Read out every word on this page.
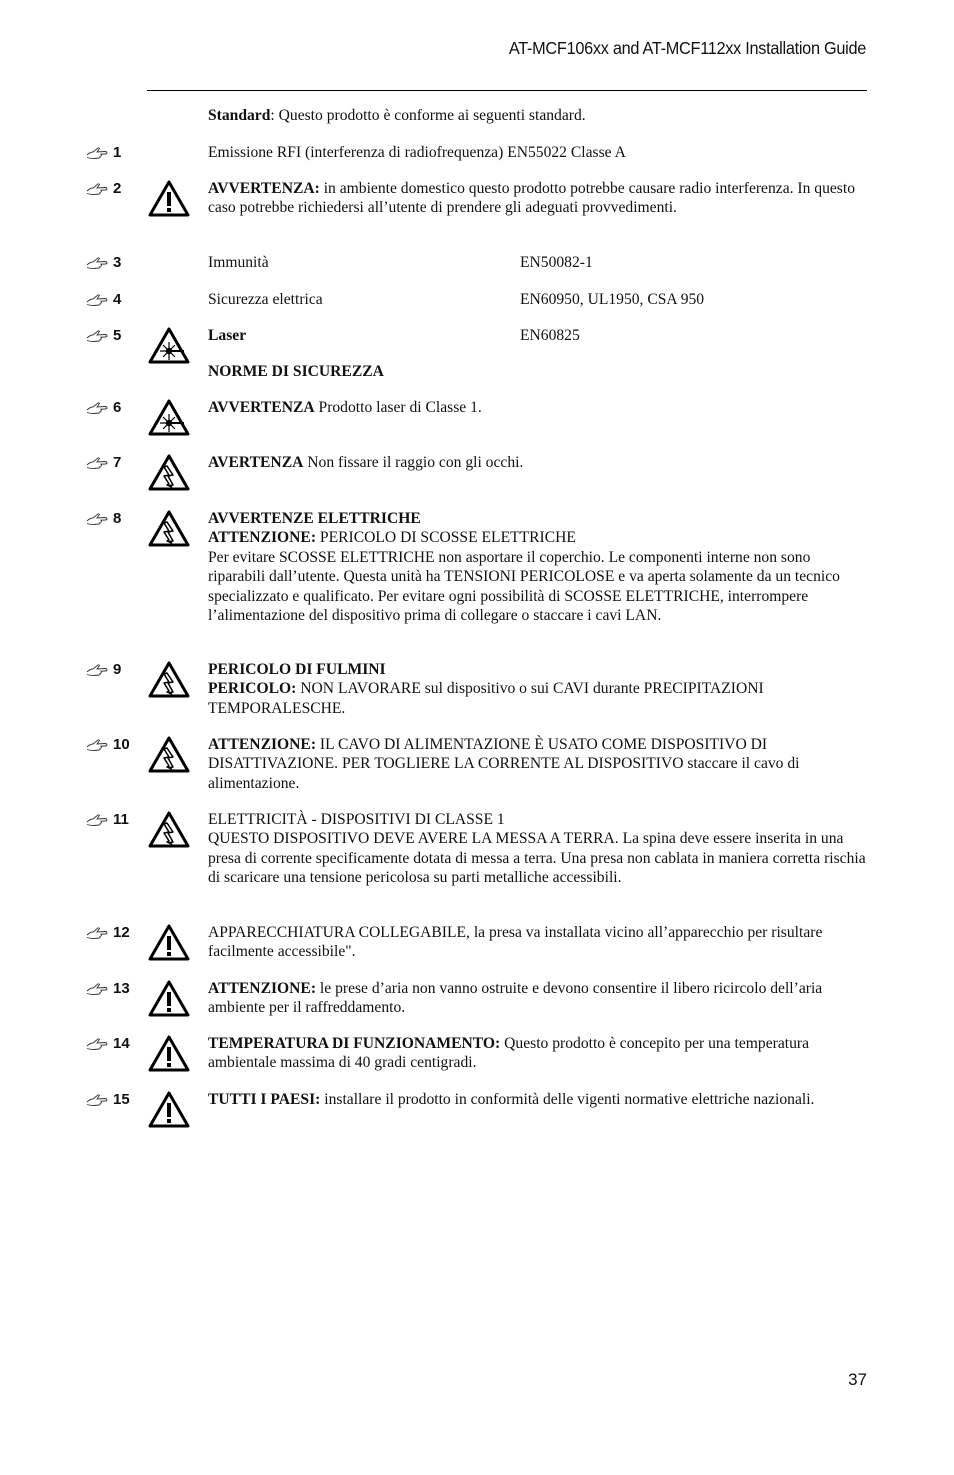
AT-MCF106xx and AT-MCF112xx Installation Guide
Standard: Questo prodotto è conforme ai seguenti standard.
1	Emissione RFI (interferenza di radiofrequenza) EN55022 Classe A
2	AVVERTENZA: in ambiente domestico questo prodotto potrebbe causare radio interferenza. In questo caso potrebbe richiedersi all’utente di prendere gli adeguati provvedimenti.
3	Immunità	EN50082-1
4	Sicurezza elettrica	EN60950, UL1950, CSA 950
5	Laser	EN60825
NORME DI SICUREZZA
6	AVVERTENZA Prodotto laser di Classe 1.
7	AVERTENZA Non fissare il raggio con gli occhi.
8	AVVERTENZE ELETTRICHE
ATTENZIONE: PERICOLO DI SCOSSE ELETTRICHE
Per evitare SCOSSE ELETTRICHE non asportare il coperchio. Le componenti interne non sono riparabili dall’utente. Questa unità ha TENSIONI PERICOLOSE e va aperta solamente da un tecnico specializzato e qualificato. Per evitare ogni possibilità di SCOSSE ELETTRICHE, interrompere l’alimentazione del dispositivo prima di collegare o staccare i cavi LAN.
9	PERICOLO DI FULMINI
PERICOLO: NON LAVORARE sul dispositivo o sui CAVI durante PRECIPITAZIONI TEMPORALESCHE.
10	ATTENZIONE: IL CAVO DI ALIMENTAZIONE È USATO COME DISPOSITIVO DI DISATTIVAZIONE. PER TOGLIERE LA CORRENTE AL DISPOSITIVO staccare il cavo di alimentazione.
11	ELETTRICITÀ - DISPOSITIVI DI CLASSE 1
QUESTO DISPOSITIVO DEVE AVERE LA MESSA A TERRA. La spina deve essere inserita in una presa di corrente specificamente dotata di messa a terra. Una presa non cablata in maniera corretta rischia di scaricare una tensione pericolosa su parti metalliche accessibili.
12	APPARECCHIATURA COLLEGABILE, la presa va installata vicino all’apparecchio per risultare facilmente accessibile".
13	ATTENZIONE: le prese d’aria non vanno ostruite e devono consentire il libero ricircolo dell’aria ambiente per il raffreddamento.
14	TEMPERATURA DI FUNZIONAMENTO: Questo prodotto è concepito per una temperatura ambientale massima di 40 gradi centigradi.
15	TUTTI I PAESI: installare il prodotto in conformità delle vigenti normative elettriche nazionali.
37
